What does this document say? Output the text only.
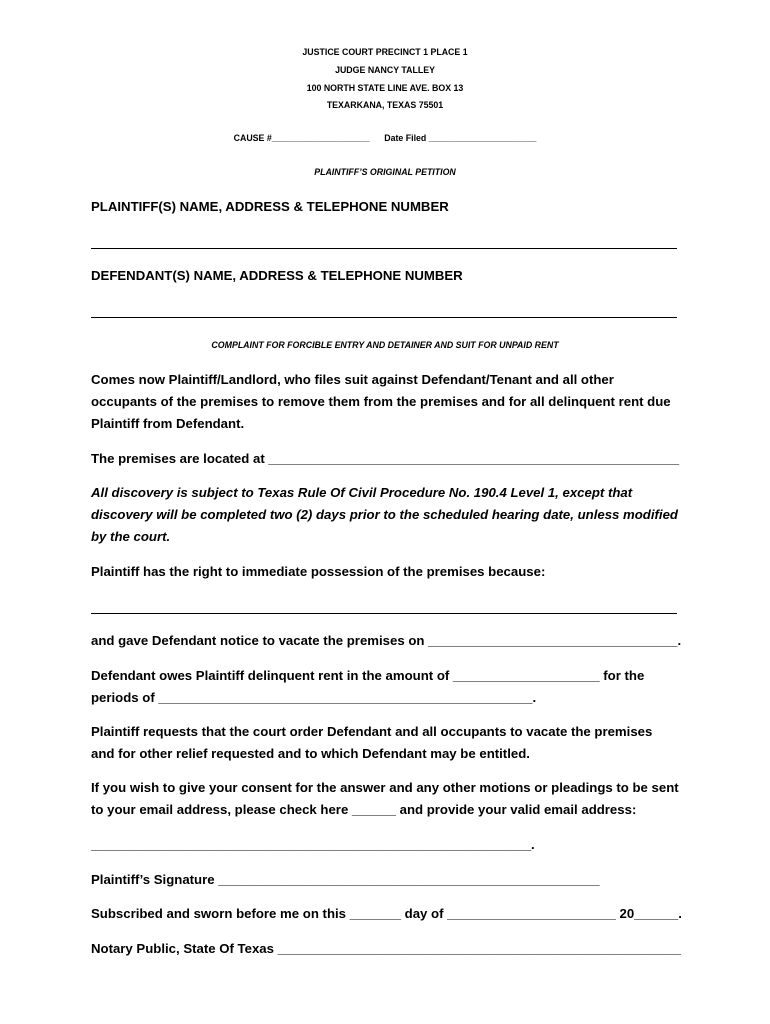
JUSTICE COURT PRECINCT 1 PLACE 1
JUDGE NANCY TALLEY
100 NORTH STATE LINE AVE. BOX 13
TEXARKANA, TEXAS 75501
CAUSE #____________________      Date Filed ______________________
PLAINTIFF’S ORIGINAL PETITION
PLAINTIFF(S) NAME, ADDRESS & TELEPHONE NUMBER
DEFENDANT(S) NAME, ADDRESS & TELEPHONE NUMBER
COMPLAINT FOR FORCIBLE ENTRY AND DETAINER AND SUIT FOR UNPAID RENT
Comes now Plaintiff/Landlord, who files suit against Defendant/Tenant and all other
occupants of the premises to remove them from the premises and for all delinquent rent due
Plaintiff from Defendant.
The premises are located at ________________________________________________________
All discovery is subject to Texas Rule Of Civil Procedure No. 190.4 Level 1, except that
discovery will be completed two (2) days prior to the scheduled hearing date, unless modified
by the court.
Plaintiff has the right to immediate possession of the premises because:
and gave Defendant notice to vacate the premises on __________________________________.
Defendant owes Plaintiff delinquent rent in the amount of ____________________ for the
periods of ___________________________________________________.
Plaintiff requests that the court order Defendant and all occupants to vacate the premises
and for other relief requested and to which Defendant may be entitled.
If you wish to give your consent for the answer and any other motions or pleadings to be sent
to your email address, please check here ______ and provide your valid email address:
____________________________________________________________.
Plaintiff’s Signature ____________________________________________________
Subscribed and sworn before me on this _______ day of _______________________ 20______.
Notary Public, State Of Texas _______________________________________________________
